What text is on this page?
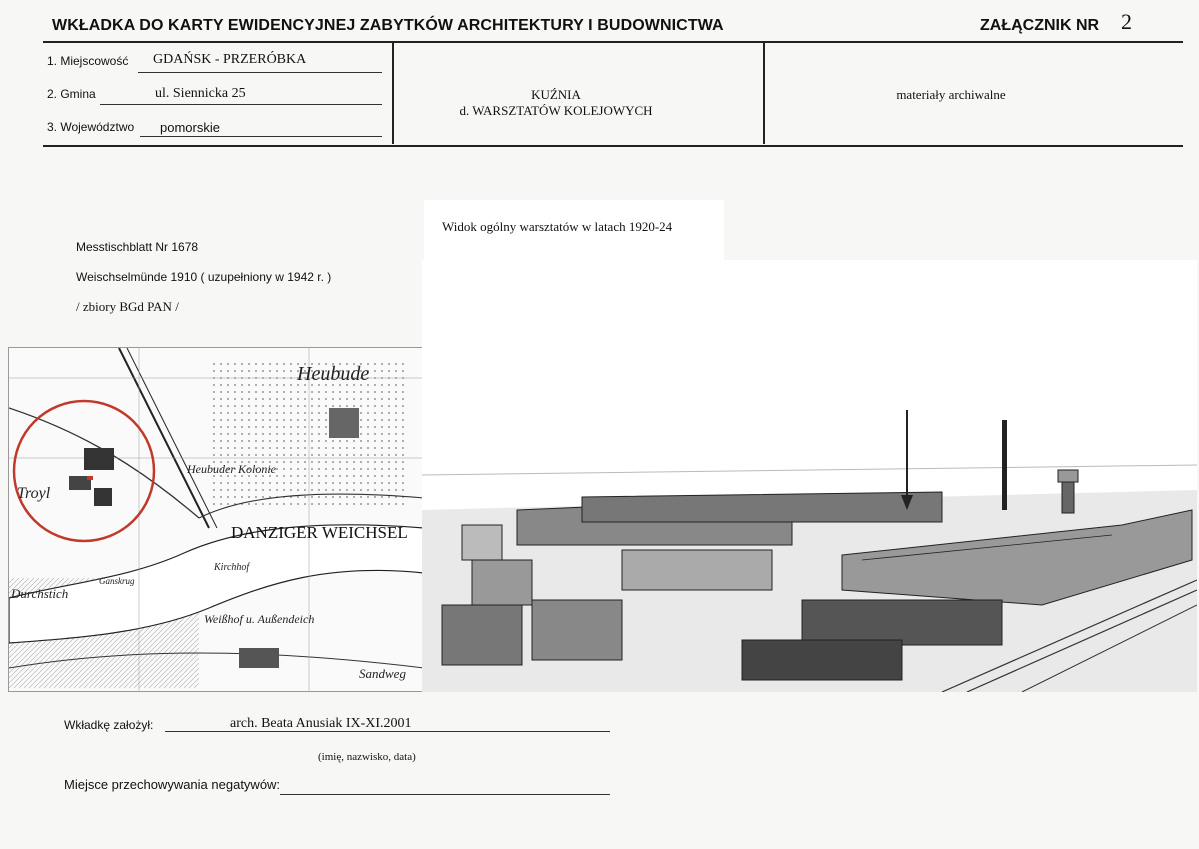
WKŁADKA DO KARTY EWIDENCYJNEJ ZABYTKÓW ARCHITEKTURY I BUDOWNICTWA	ZAŁĄCZNIK NR 2
1. Miejscowość GDAŃSK - PRZERÓBKA
2. Gmina	ul. Siennicka 25
3. Województwo pomorskie
KUŹNIA
d. WARSZTATÓW KOLEJOWYCH
materiały archiwalne
Messtischblatt Nr 1678
Weischselmünde 1910 ( uzupełniony w 1942 r. )
/ zbiory BGd PAN /
Heubude
Heubuder Kolonie
DANZIGER WEICHSEL
Kirchhof
Ganskrug
Weißhof u. Außendeich
Sandweg
Troyl
Durchstich
Widok ogólny warsztatów w latach 1920-24
Wkładkę założył:	arch. Beata Anusiak IX-XI.2001
(imię, nazwisko, data)
Miejsce przechowywania negatywów:
